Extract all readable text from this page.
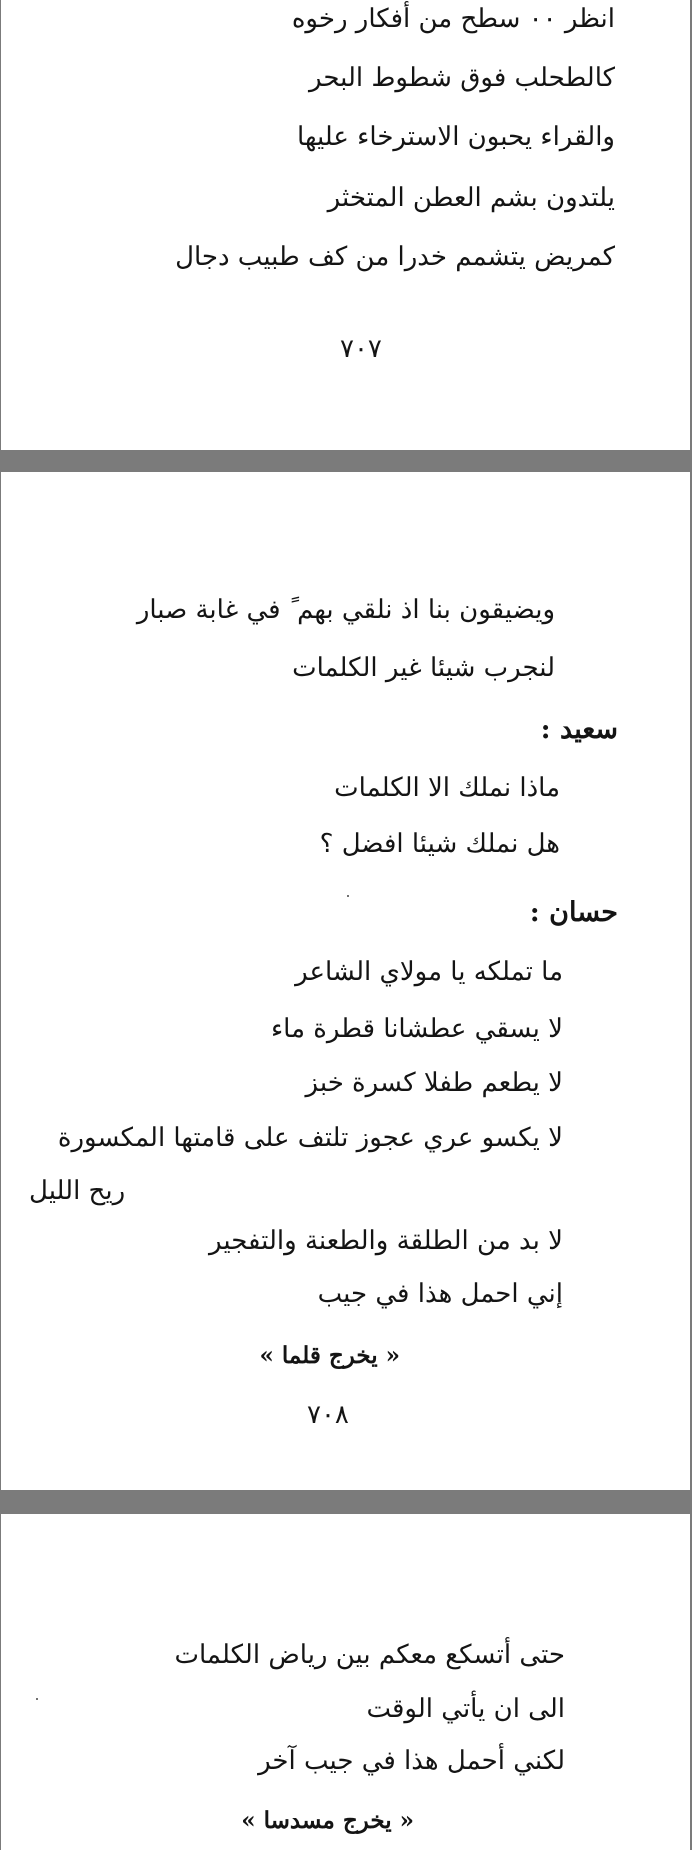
انظر ٠٠ سطح من أفكار رخوه
كالطحلب فوق شطوط البحر
والقراء يحبون الاسترخاء عليها
يلتدون بشم العطن المتخثر
كمريض يتشمم خدرا من كف طبيب دجال
٧٠٧
ويضيقون بنا اذ نلقي بهم ً في غابة صبار
لنجرب شيئا غير الكلمات
سعيد :
ماذا نملك الا الكلمات
هل نملك شيئا افضل ؟
حسان :
ما تملكه يا مولاي الشاعر
لا يسقي عطشانا قطرة ماء
لا يطعم طفلا كسرة خبز
لا يكسو عري عجوز تلتف على قامتها المكسورة
ريح الليل
لا بد من الطلقة والطعنة والتفجير
إني احمل هذا في جيب
« يخرج قلما »
٧٠٨
حتى أتسكع معكم بين رياض الكلمات
الى ان يأتي الوقت
لكني أحمل هذا في جيب آخر
« يخرج مسدسا »
